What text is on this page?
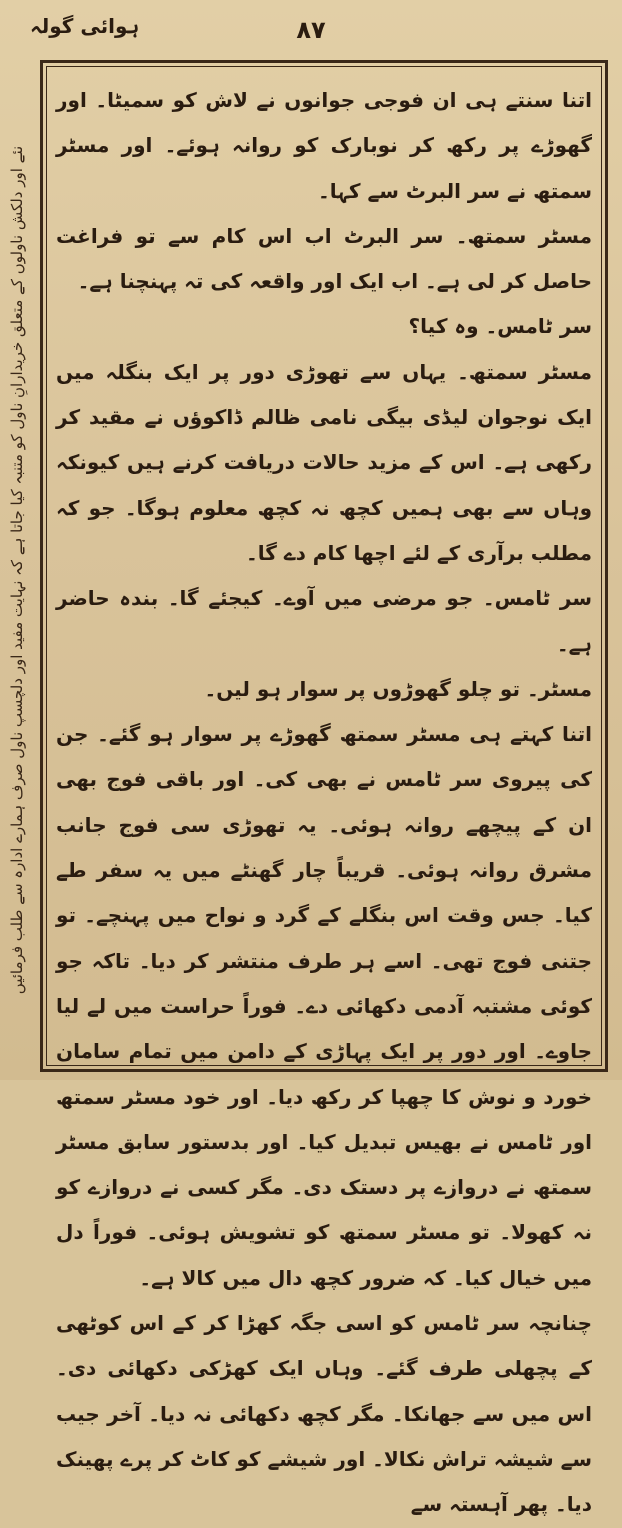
ہوائی گولہ	۸۷
نئے اور دلکش ناولوں کے متعلق خریدارانِ ناول کو متنبہ کیا جاتا ہے کہ نہایت مفید اور دلچسپ ناول صرف ہمارے ادارہ سے طلب فرمائیں

اتنا سنتے ہی ان فوجی جوانوں نے لاش کو سمیٹا۔ اور گھوڑے پر رکھ کر نوبارک کو روانہ ہوئے۔ اور مسٹر سمتھ نے سر البرٹ سے کہا۔

مسٹر سمتھ۔ سر البرٹ اب اس کام سے تو فراغت حاصل کر لی ہے۔ اب ایک اور واقعہ کی تہ پہنچنا ہے۔

سر ٹامس۔ وہ کیا؟

مسٹر سمتھ۔ یہاں سے تھوڑی دور پر ایک بنگلہ میں ایک نوجوان لیڈی بیگی نامی ظالم ڈاکوؤں نے مقید کر رکھی ہے۔ اس کے مزید حالات دریافت کرنے ہیں کیونکہ وہاں سے بھی ہمیں کچھ نہ کچھ معلوم ہوگا۔ جو کہ مطلب برآری کے لئے اچھا کام دے گا۔

سر ٹامس۔ جو مرضی میں آوے۔ کیجئے گا۔ بندہ حاضر ہے۔

مسٹر۔ تو چلو گھوڑوں پر سوار ہو لیں۔

اتنا کہتے ہی مسٹر سمتھ گھوڑے پر سوار ہو گئے۔ جن کی پیروی سر ٹامس نے بھی کی۔ اور باقی فوج بھی ان کے پیچھے روانہ ہوئی۔ یہ تھوڑی سی فوج جانب مشرق روانہ ہوئی۔ قریباً چار گھنٹے میں یہ سفر طے کیا۔ جس وقت اس بنگلے کے گرد و نواح میں پہنچے۔ تو جتنی فوج تھی۔ اسے ہر طرف منتشر کر دیا۔ تاکہ جو کوئی مشتبہ آدمی دکھائی دے۔ فوراً حراست میں لے لیا جاوے۔ اور دور پر ایک پہاڑی کے دامن میں تمام سامان خورد و نوش کا چھپا کر رکھ دیا۔ اور خود مسٹر سمتھ اور ٹامس نے بھیس تبدیل کیا۔ اور بدستور سابق مسٹر سمتھ نے دروازے پر دستک دی۔ مگر کسی نے دروازے کو نہ کھولا۔ تو مسٹر سمتھ کو تشویش ہوئی۔ فوراً دل میں خیال کیا۔ کہ ضرور کچھ دال میں کالا ہے۔

چنانچہ سر ٹامس کو اسی جگہ کھڑا کر کے اس کوٹھی کے پچھلی طرف گئے۔ وہاں ایک کھڑکی دکھائی دی۔ اس میں سے جھانکا۔ مگر کچھ دکھائی نہ دیا۔ آخر جیب سے شیشہ تراش نکالا۔ اور شیشے کو کاٹ کر پرے پھینک دیا۔ پھر آہستہ سے
